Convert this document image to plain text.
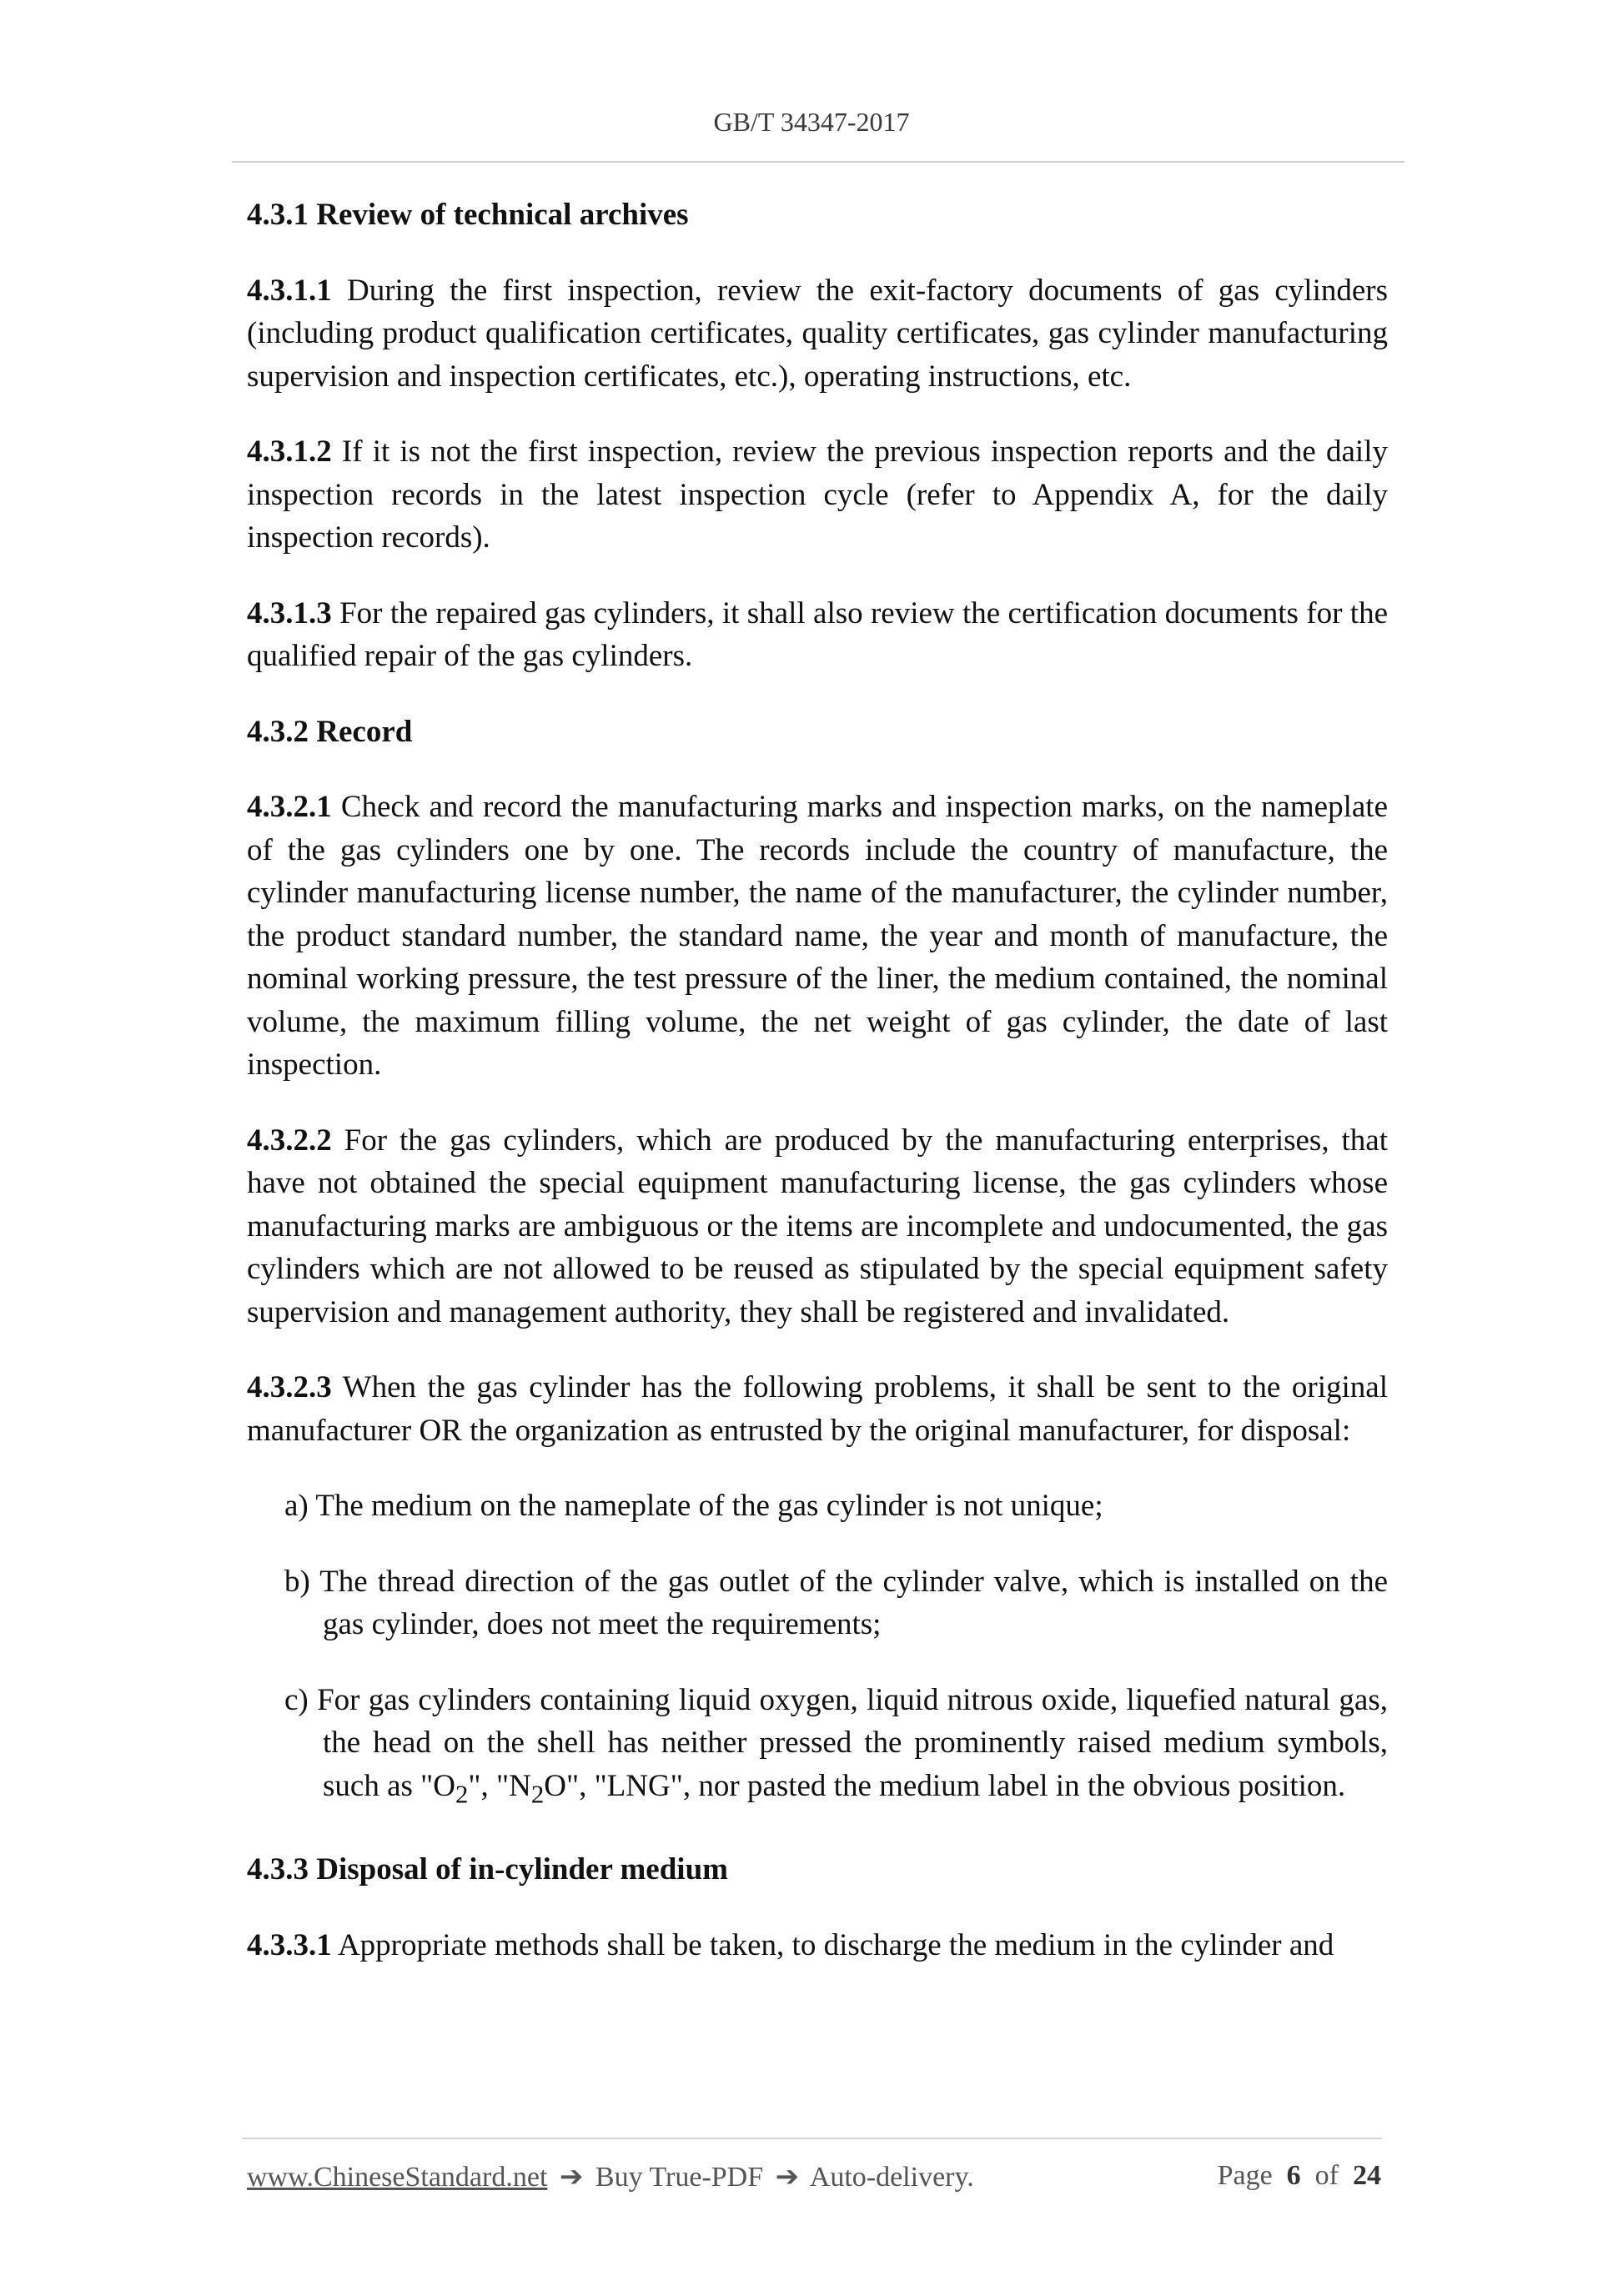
GB/T 34347-2017
4.3.1 Review of technical archives
4.3.1.1 During the first inspection, review the exit-factory documents of gas cylinders (including product qualification certificates, quality certificates, gas cylinder manufacturing supervision and inspection certificates, etc.), operating instructions, etc.
4.3.1.2 If it is not the first inspection, review the previous inspection reports and the daily inspection records in the latest inspection cycle (refer to Appendix A, for the daily inspection records).
4.3.1.3 For the repaired gas cylinders, it shall also review the certification documents for the qualified repair of the gas cylinders.
4.3.2 Record
4.3.2.1 Check and record the manufacturing marks and inspection marks, on the nameplate of the gas cylinders one by one. The records include the country of manufacture, the cylinder manufacturing license number, the name of the manufacturer, the cylinder number, the product standard number, the standard name, the year and month of manufacture, the nominal working pressure, the test pressure of the liner, the medium contained, the nominal volume, the maximum filling volume, the net weight of gas cylinder, the date of last inspection.
4.3.2.2 For the gas cylinders, which are produced by the manufacturing enterprises, that have not obtained the special equipment manufacturing license, the gas cylinders whose manufacturing marks are ambiguous or the items are incomplete and undocumented, the gas cylinders which are not allowed to be reused as stipulated by the special equipment safety supervision and management authority, they shall be registered and invalidated.
4.3.2.3 When the gas cylinder has the following problems, it shall be sent to the original manufacturer OR the organization as entrusted by the original manufacturer, for disposal:
a) The medium on the nameplate of the gas cylinder is not unique;
b) The thread direction of the gas outlet of the cylinder valve, which is installed on the gas cylinder, does not meet the requirements;
c) For gas cylinders containing liquid oxygen, liquid nitrous oxide, liquefied natural gas, the head on the shell has neither pressed the prominently raised medium symbols, such as "$O_2$", "$N_2O$", "LNG", nor pasted the medium label in the obvious position.
4.3.3 Disposal of in-cylinder medium
4.3.3.1 Appropriate methods shall be taken, to discharge the medium in the cylinder and
www.ChineseStandard.net ➔ Buy True-PDF ➔ Auto-delivery.	Page 6 of 24
